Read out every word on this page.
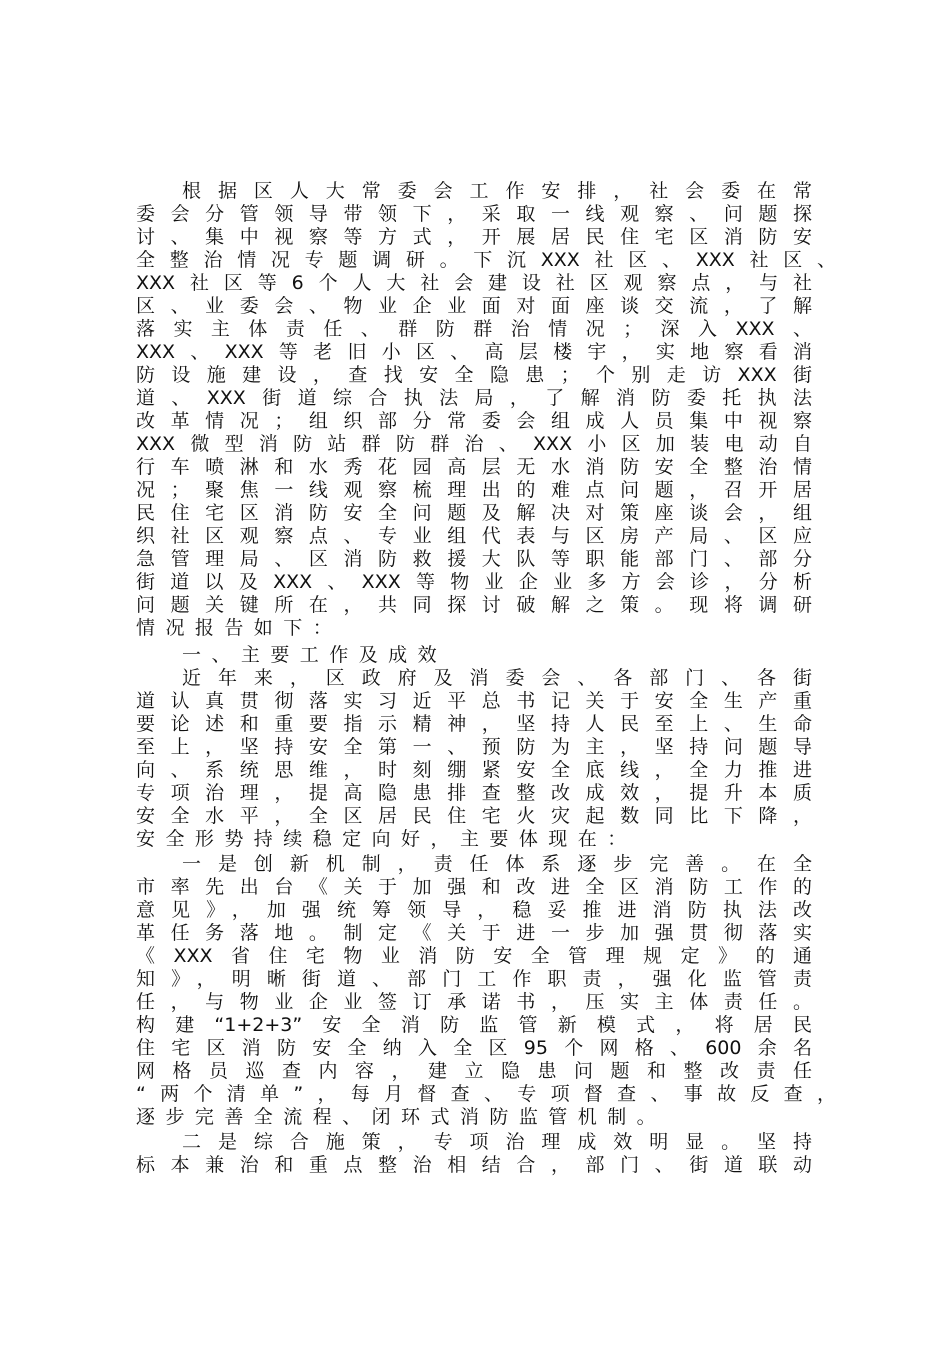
根据区人大常委会工作安排，社会委在常
委会分管领导带领下，采取一线观察、问题探
讨、集中视察等方式，开展居民住宅区消防安
全整治情况专题调研。下沉XXX社区、XXX社区、
XXX社区等6个人大社会建设社区观察点，与社
区、业委会、物业企业面对面座谈交流，了解
落实主体责任、群防群治情况；深入XXX、
XXX、XXX等老旧小区、高层楼宇，实地察看消
防设施建设，查找安全隐患；个别走访XXX街
道、XXX街道综合执法局，了解消防委托执法
改革情况；组织部分常委会组成人员集中视察
XXX微型消防站群防群治、XXX小区加装电动自
行车喷淋和水秀花园高层无水消防安全整治情
况；聚焦一线观察梳理出的难点问题，召开居
民住宅区消防安全问题及解决对策座谈会，组
织社区观察点、专业组代表与区房产局、区应
急管理局、区消防救援大队等职能部门、部分
街道以及XXX、XXX等物业企业多方会诊，分析
问题关键所在，共同探讨破解之策。现将调研
情况报告如下：
一、主要工作及成效
近年来，区政府及消委会、各部门、各街
道认真贯彻落实习近平总书记关于安全生产重
要论述和重要指示精神，坚持人民至上、生命
至上，坚持安全第一、预防为主，坚持问题导
向、系统思维，时刻绷紧安全底线，全力推进
专项治理，提高隐患排查整改成效，提升本质
安全水平，全区居民住宅火灾起数同比下降，
安全形势持续稳定向好，主要体现在：
一是创新机制，责任体系逐步完善。在全
市率先出台《关于加强和改进全区消防工作的
意见》，加强统筹领导，稳妥推进消防执法改
革任务落地。制定《关于进一步加强贯彻落实
《XXX省住宅物业消防安全管理规定》的通
知》，明晰街道、部门工作职责，强化监管责
任，与物业企业签订承诺书，压实主体责任。
构建“1+2+3”安全消防监管新模式，将居民
住宅区消防安全纳入全区95个网格、600余名
网格员巡查内容，建立隐患问题和整改责任
“两个清单”，每月督查、专项督查、事故反查，
逐步完善全流程、闭环式消防监管机制。
二是综合施策，专项治理成效明显。坚持
标本兼治和重点整治相结合，部门、街道联动
